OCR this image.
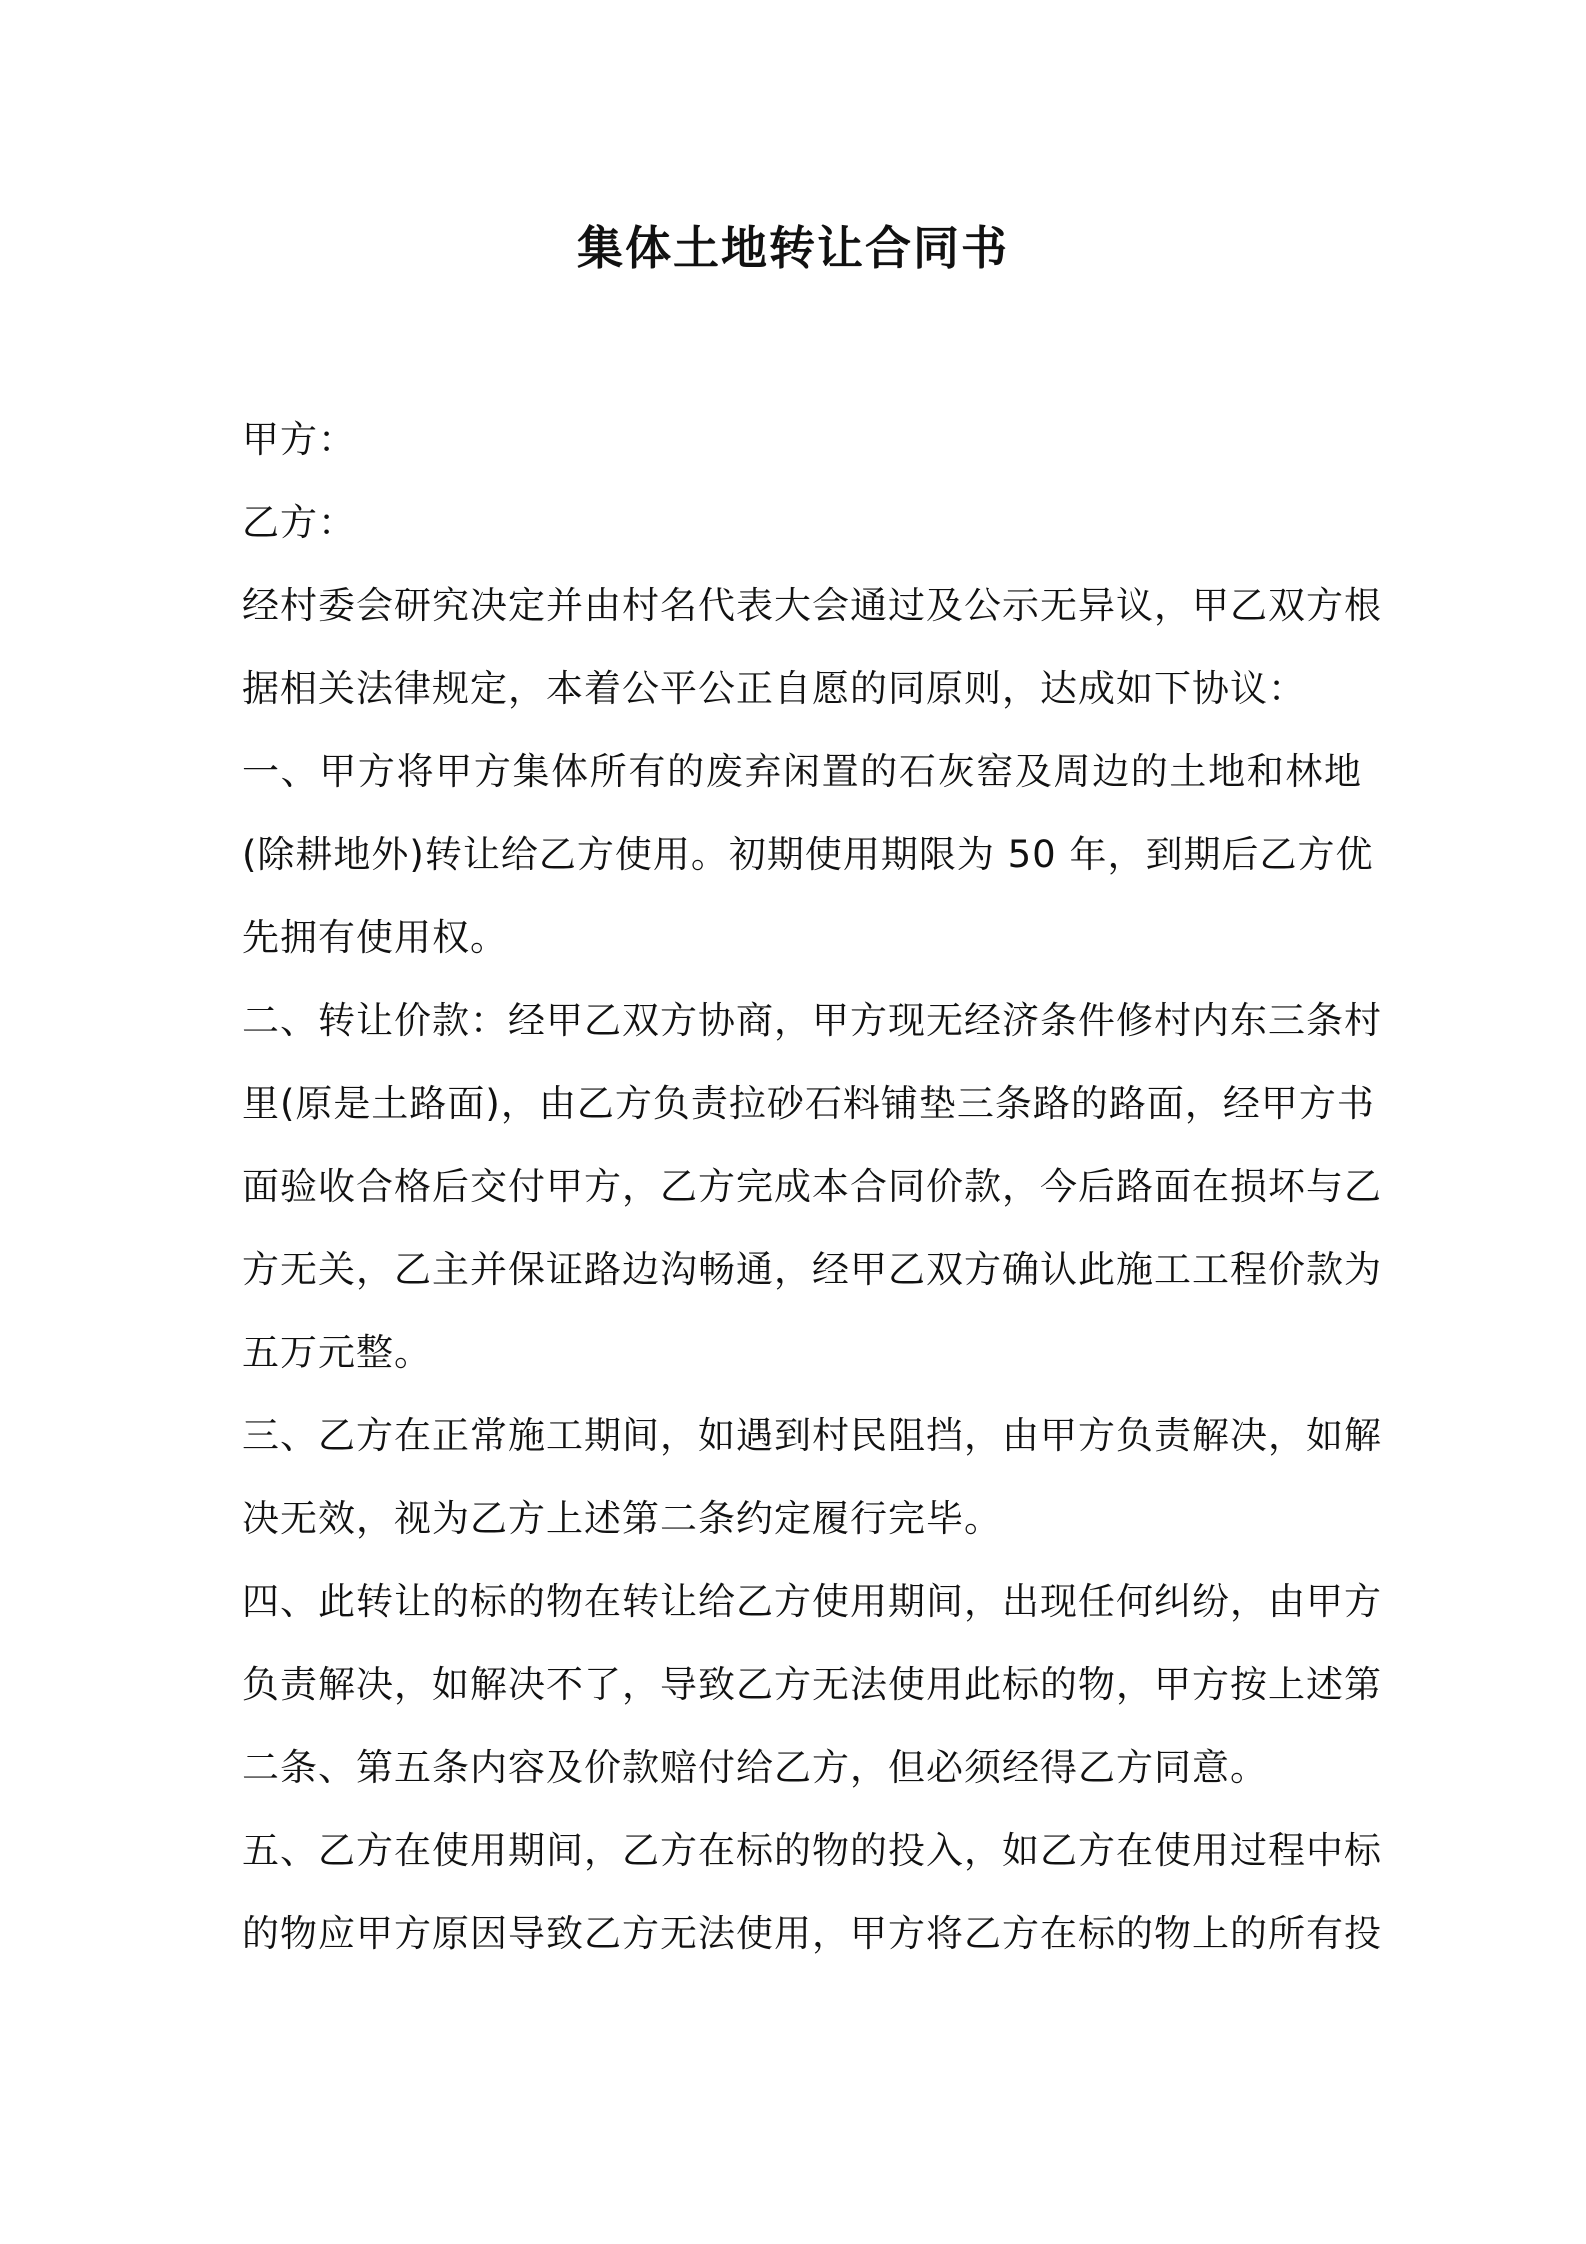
集体土地转让合同书
甲方：
乙方：
经村委会研究决定并由村名代表大会通过及公示无异议，甲乙双方根
据相关法律规定，本着公平公正自愿的同原则，达成如下协议：
一、甲方将甲方集体所有的废弃闲置的石灰窑及周边的土地和林地
(除耕地外)转让给乙方使用。初期使用期限为 50 年，到期后乙方优
先拥有使用权。
二、转让价款：经甲乙双方协商，甲方现无经济条件修村内东三条村
里(原是土路面)，由乙方负责拉砂石料铺垫三条路的路面，经甲方书
面验收合格后交付甲方，乙方完成本合同价款，今后路面在损坏与乙
方无关，乙主并保证路边沟畅通，经甲乙双方确认此施工工程价款为
五万元整。
三、乙方在正常施工期间，如遇到村民阻挡，由甲方负责解决，如解
决无效，视为乙方上述第二条约定履行完毕。
四、此转让的标的物在转让给乙方使用期间，出现任何纠纷，由甲方
负责解决，如解决不了，导致乙方无法使用此标的物，甲方按上述第
二条、第五条内容及价款赔付给乙方，但必须经得乙方同意。
五、乙方在使用期间，乙方在标的物的投入，如乙方在使用过程中标
的物应甲方原因导致乙方无法使用，甲方将乙方在标的物上的所有投
